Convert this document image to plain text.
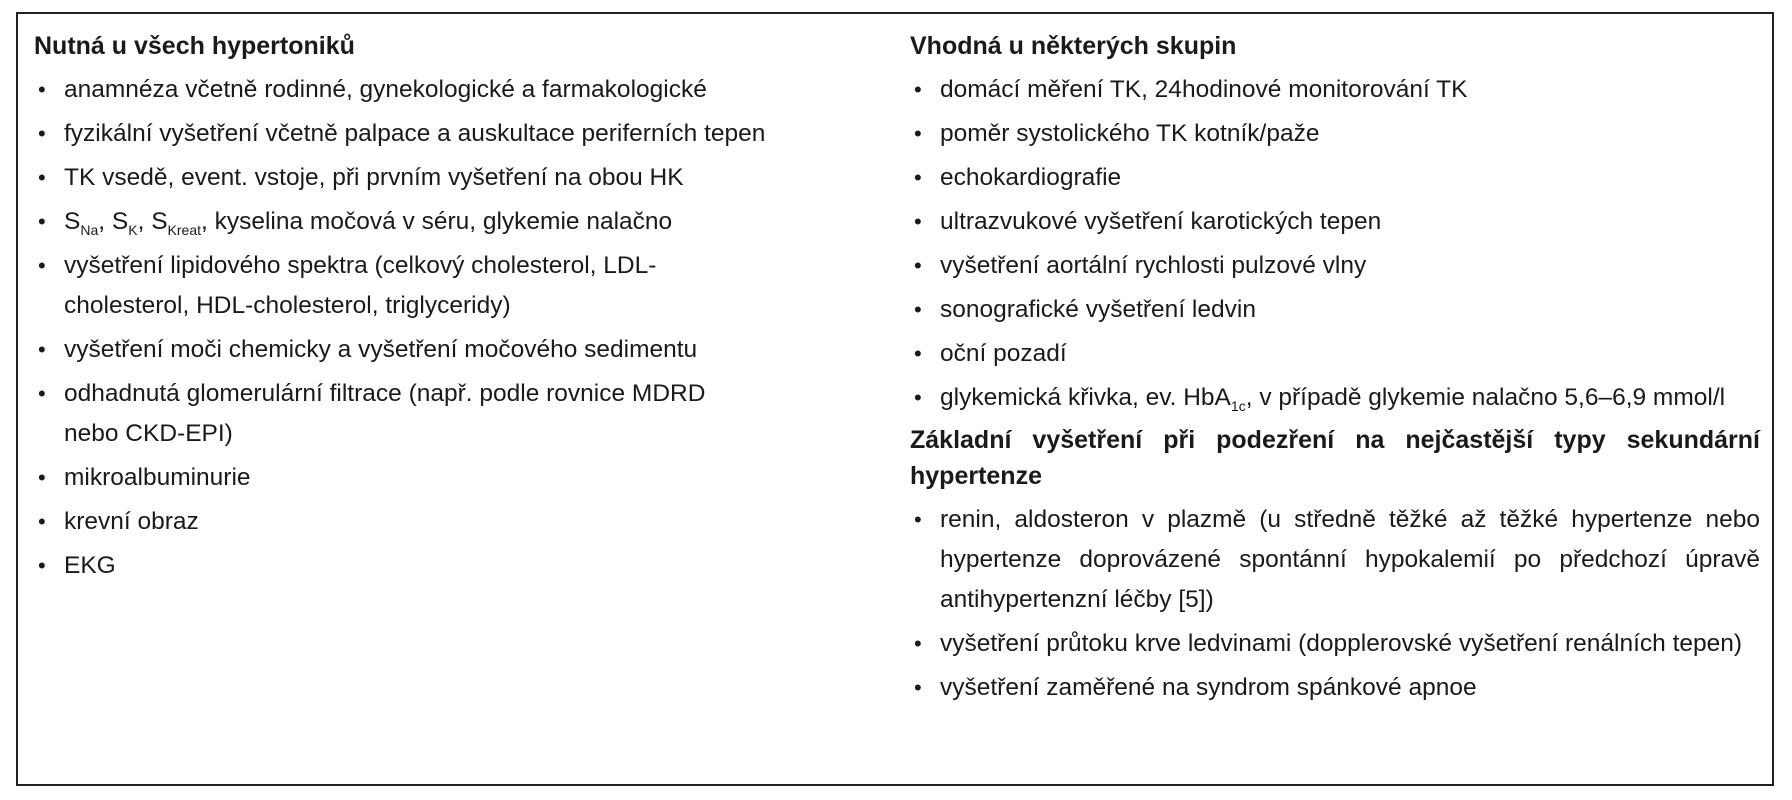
Nutná u všech hypertoniků
• anamnéza včetně rodinné, gynekologické a farmakologické
• fyzikální vyšetření včetně palpace a auskultace periferních tepen
• TK vsedě, event. vstoje, při prvním vyšetření na obou HK
• $S_{Na}$, $S_K$, $S_{Kreat}$, kyselina močová v séru, glykemie nalačno
• vyšetření lipidového spektra (celkový cholesterol, LDL-cholesterol, HDL-cholesterol, triglyceridy)
• vyšetření moči chemicky a vyšetření močového sedimentu
• odhadnutá glomerulární filtrace (např. podle rovnice MDRD nebo CKD-EPI)
• mikroalbuminurie
• krevní obraz
• EKG
Vhodná u některých skupin
• domácí měření TK, 24hodinové monitorování TK
• poměr systolického TK kotník/paže
• echokardiografie
• ultrazvukové vyšetření karotických tepen
• vyšetření aortální rychlosti pulzové vlny
• sonografické vyšetření ledvin
• oční pozadí
• glykemická křivka, ev. HbA$_{1c}$, v případě glykemie nalačno 5,6–6,9 mmol/l
Základní vyšetření při podezření na nejčastější typy sekundární hypertenze
• renin, aldosteron v plazmě (u středně těžké až těžké hypertenze nebo hypertenze doprovázené spontánní hypokalemií po předchozí úpravě antihypertenzní léčby [5])
• vyšetření průtoku krve ledvinami (dopplerovské vyšetření renálních tepen)
• vyšetření zaměřené na syndrom spánkové apnoe
